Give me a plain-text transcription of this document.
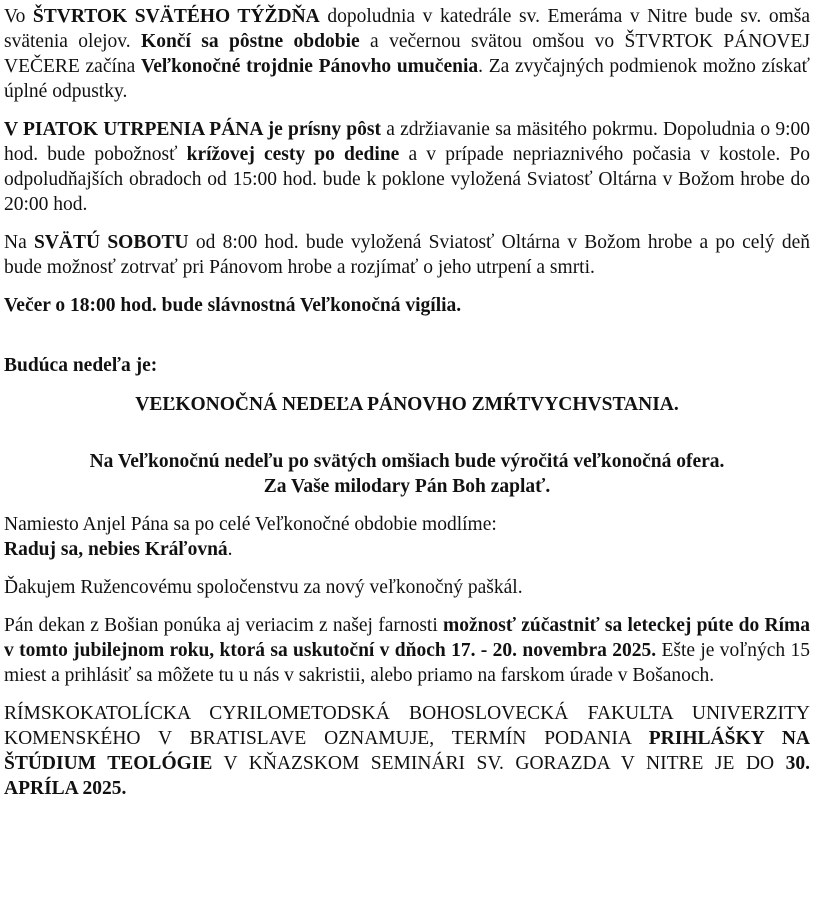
Vo ŠTVRTOK SVÄTÉHO TÝŽDŇA dopoludnia v katedrále sv. Emeráma v Nitre bude sv. omša svätenia olejov. Končí sa pôstne obdobie a večernou svätou omšou vo ŠTVRTOK PÁNOVEJ VEČERE začína Veľkonočné trojdnie Pánovho umučenia. Za zvyčajných podmienok možno získať úplné odpustky.

V PIATOK UTRPENIA PÁNA je prísny pôst a zdržiavanie sa mäsitého pokrmu. Dopoludnia o 9:00 hod. bude pobožnosť krížovej cesty po dedine a v prípade nepriaznivého počasia v kostole. Po odpoludňajších obradoch od 15:00 hod. bude k poklone vyložená Sviatosť Oltárna v Božom hrobe do 20:00 hod.

Na SVÄTÚ SOBOTU od 8:00 hod. bude vyložená Sviatosť Oltárna v Božom hrobe a po celý deň bude možnosť zotrvať pri Pánovom hrobe a rozjímať o jeho utrpení a smrti.

Večer o 18:00 hod. bude slávnostná Veľkonočná vigília.

Budúca nedeľa je:

VEĽKONOČNÁ NEDEĽA PÁNOVHO ZMŔTVYCHVSTANIA.

Na Veľkonočnú nedeľu po svätých omšiach bude výročitá veľkonočná ofera.
Za Vaše milodary Pán Boh zaplať.

Namiesto Anjel Pána sa po celé Veľkonočné obdobie modlíme:

Raduj sa, nebies Kráľovná.

Ďakujem Ružencovému spoločenstvu za nový veľkonočný paškál.

Pán dekan z Bošian ponúka aj veriacim z našej farnosti možnosť zúčastniť sa leteckej púte do Ríma v tomto jubilejnom roku, ktorá sa uskutoční v dňoch 17. - 20. novembra 2025. Ešte je voľných 15 miest a prihlásiť sa môžete tu u nás v sakristii, alebo priamo na farskom úrade v Bošanoch.

RÍMSKOKATOLÍCKA CYRILOMETODSKÁ BOHOSLOVECKÁ FAKULTA UNIVERZITY KOMENSKÉHO V BRATISLAVE OZNAMUJE, TERMÍN PODANIA PRIHLÁŠKY NA ŠTÚDIUM TEOLÓGIE V KŇAZSKOM SEMINÁRI SV. GORAZDA V NITRE JE DO 30. APRÍLA 2025.
